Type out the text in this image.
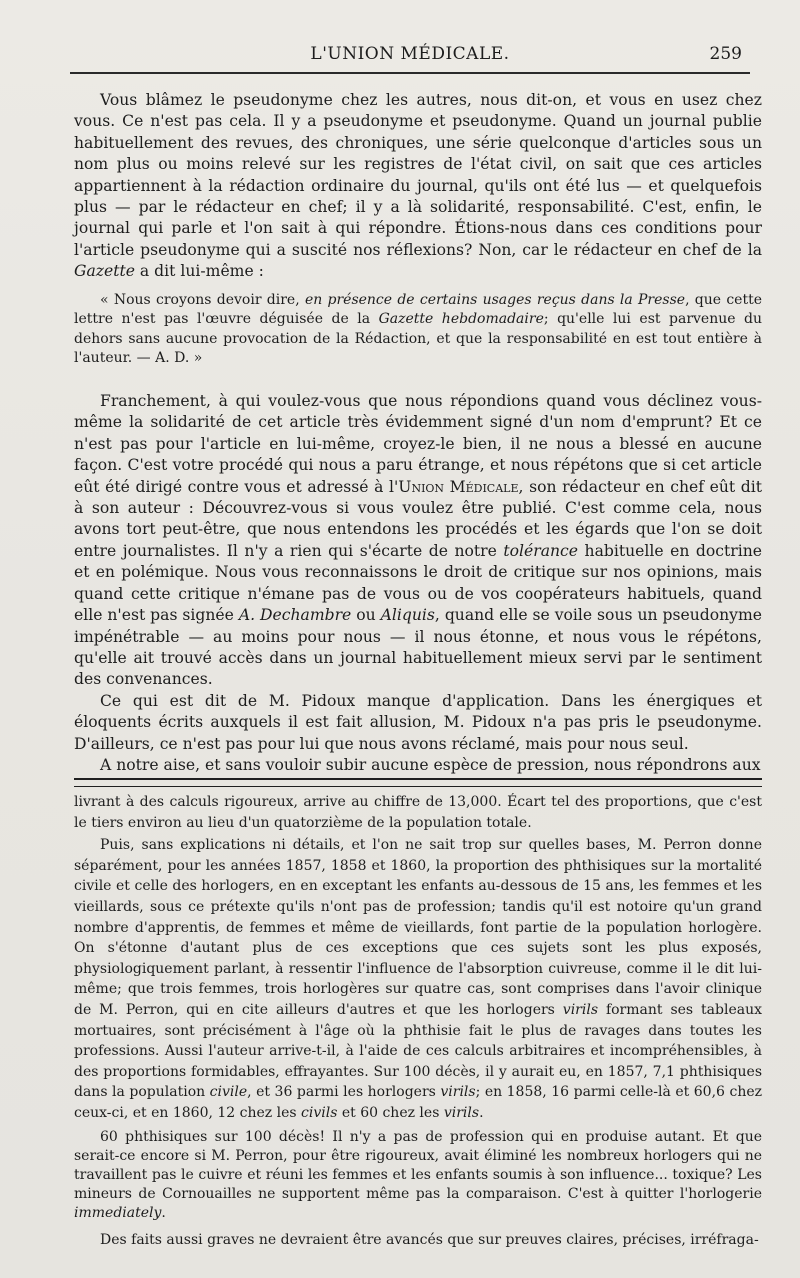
L'UNION MÉDICALE.	259

Vous blâmez le pseudonyme chez les autres, nous dit-on, et vous en usez chez vous. Ce n'est pas cela. Il y a pseudonyme et pseudonyme. Quand un journal publie habituellement des revues, des chroniques, une série quelconque d'articles sous un nom plus ou moins relevé sur les registres de l'état civil, on sait que ces articles appartiennent à la rédaction ordinaire du journal, qu'ils ont été lus — et quelquefois plus — par le rédacteur en chef; il y a là solidarité, responsabilité. C'est, enfin, le journal qui parle et l'on sait à qui répondre. Étions-nous dans ces conditions pour l'article pseudonyme qui a suscité nos réflexions? Non, car le rédacteur en chef de la Gazette a dit lui-même :

« Nous croyons devoir dire, en présence de certains usages reçus dans la Presse, que cette lettre n'est pas l'œuvre déguisée de la Gazette hebdomadaire; qu'elle lui est parvenue du dehors sans aucune provocation de la Rédaction, et que la responsabilité en est tout entière à l'auteur. — A. D. »

Franchement, à qui voulez-vous que nous répondions quand vous déclinez vous-même la solidarité de cet article très évidemment signé d'un nom d'emprunt? Et ce n'est pas pour l'article en lui-même, croyez-le bien, il ne nous a blessé en aucune façon. C'est votre procédé qui nous a paru étrange, et nous répétons que si cet article eût été dirigé contre vous et adressé à l'Union Médicale, son rédacteur en chef eût dit à son auteur : Découvrez-vous si vous voulez être publié. C'est comme cela, nous avons tort peut-être, que nous entendons les procédés et les égards que l'on se doit entre journalistes. Il n'y a rien qui s'écarte de notre tolérance habituelle en doctrine et en polémique. Nous vous reconnaissons le droit de critique sur nos opinions, mais quand cette critique n'émane pas de vous ou de vos coopérateurs habituels, quand elle n'est pas signée A. Dechambre ou Aliquis, quand elle se voile sous un pseudonyme impénétrable — au moins pour nous — il nous étonne, et nous vous le répétons, qu'elle ait trouvé accès dans un journal habituellement mieux servi par le sentiment des convenances.

Ce qui est dit de M. Pidoux manque d'application. Dans les énergiques et éloquents écrits auxquels il est fait allusion, M. Pidoux n'a pas pris le pseudonyme. D'ailleurs, ce n'est pas pour lui que nous avons réclamé, mais pour nous seul.

A notre aise, et sans vouloir subir aucune espèce de pression, nous répondrons aux

livrant à des calculs rigoureux, arrive au chiffre de 13,000. Écart tel des proportions, que c'est le tiers environ au lieu d'un quatorzième de la population totale.

Puis, sans explications ni détails, et l'on ne sait trop sur quelles bases, M. Perron donne séparément, pour les années 1857, 1858 et 1860, la proportion des phthisiques sur la mortalité civile et celle des horlogers, en en exceptant les enfants au-dessous de 15 ans, les femmes et les vieillards, sous ce prétexte qu'ils n'ont pas de profession; tandis qu'il est notoire qu'un grand nombre d'apprentis, de femmes et même de vieillards, font partie de la population horlogère. On s'étonne d'autant plus de ces exceptions que ces sujets sont les plus exposés, physiologiquement parlant, à ressentir l'influence de l'absorption cuivreuse, comme il le dit lui-même; que trois femmes, trois horlogères sur quatre cas, sont comprises dans l'avoir clinique de M. Perron, qui en cite ailleurs d'autres et que les horlogers virils formant ses tableaux mortuaires, sont précisément à l'âge où la phthisie fait le plus de ravages dans toutes les professions. Aussi l'auteur arrive-t-il, à l'aide de ces calculs arbitraires et incompréhensibles, à des proportions formidables, effrayantes. Sur 100 décès, il y aurait eu, en 1857, 7,1 phthisiques dans la population civile, et 36 parmi les horlogers virils; en 1858, 16 parmi celle-là et 60,6 chez ceux-ci, et en 1860, 12 chez les civils et 60 chez les virils.

60 phthisiques sur 100 décès! Il n'y a pas de profession qui en produise autant. Et que serait-ce encore si M. Perron, pour être rigoureux, avait éliminé les nombreux horlogers qui ne travaillent pas le cuivre et réuni les femmes et les enfants soumis à son influence... toxique? Les mineurs de Cornouailles ne supportent même pas la comparaison. C'est à quitter l'horlogerie immediately.

Des faits aussi graves ne devraient être avancés que sur preuves claires, précises, irréfraga-
